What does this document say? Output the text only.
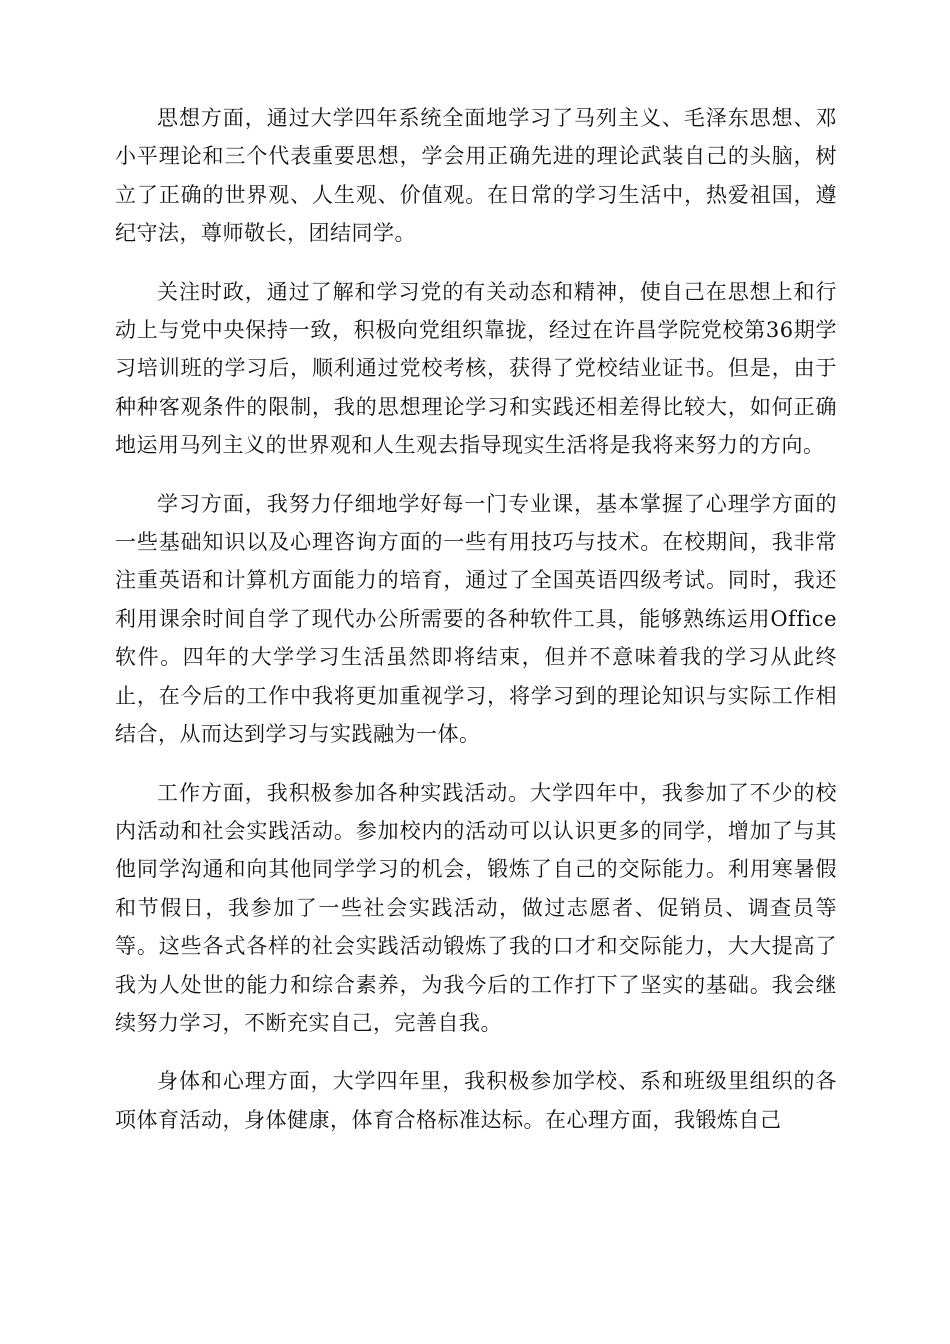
思想方面，通过大学四年系统全面地学习了马列主义、毛泽东思想、邓小平理论和三个代表重要思想，学会用正确先进的理论武装自己的头脑，树立了正确的世界观、人生观、价值观。在日常的学习生活中，热爱祖国，遵纪守法，尊师敬长，团结同学。

关注时政，通过了解和学习党的有关动态和精神，使自己在思想上和行动上与党中央保持一致，积极向党组织靠拢，经过在许昌学院党校第36期学习培训班的学习后，顺利通过党校考核，获得了党校结业证书。但是，由于种种客观条件的限制，我的思想理论学习和实践还相差得比较大，如何正确地运用马列主义的世界观和人生观去指导现实生活将是我将来努力的方向。

学习方面，我努力仔细地学好每一门专业课，基本掌握了心理学方面的一些基础知识以及心理咨询方面的一些有用技巧与技术。在校期间，我非常注重英语和计算机方面能力的培育，通过了全国英语四级考试。同时，我还利用课余时间自学了现代办公所需要的各种软件工具，能够熟练运用Office软件。四年的大学学习生活虽然即将结束，但并不意味着我的学习从此终止，在今后的工作中我将更加重视学习，将学习到的理论知识与实际工作相结合，从而达到学习与实践融为一体。

工作方面，我积极参加各种实践活动。大学四年中，我参加了不少的校内活动和社会实践活动。参加校内的活动可以认识更多的同学，增加了与其他同学沟通和向其他同学学习的机会，锻炼了自己的交际能力。利用寒暑假和节假日，我参加了一些社会实践活动，做过志愿者、促销员、调查员等等。这些各式各样的社会实践活动锻炼了我的口才和交际能力，大大提高了我为人处世的能力和综合素养，为我今后的工作打下了坚实的基础。我会继续努力学习，不断充实自己，完善自我。

身体和心理方面，大学四年里，我积极参加学校、系和班级里组织的各项体育活动，身体健康，体育合格标准达标。在心理方面，我锻炼自己
